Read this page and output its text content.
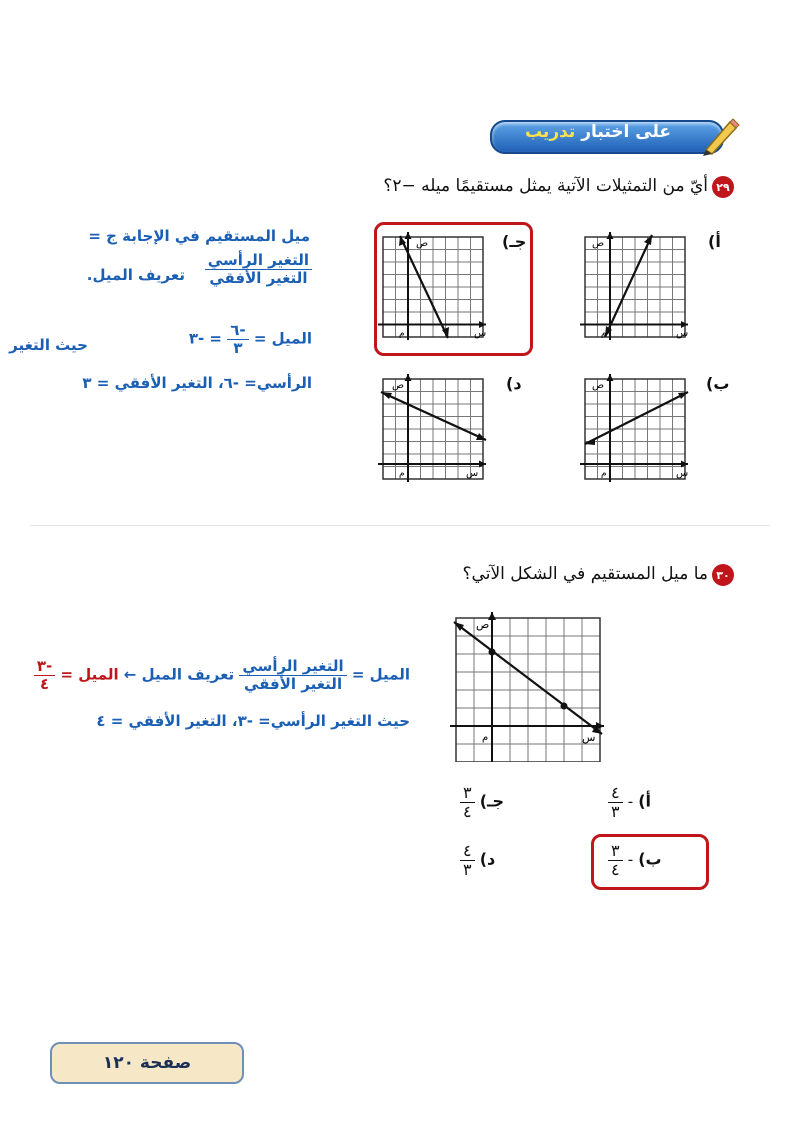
على اختبار تدريب
٢٩
أيّ من التمثيلات الآتية يمثل مستقيمًا ميله −٢؟
أ)
جـ)
ب)
د)
ص
س
م
ص
س
م
ص
س
م
ص
س
م
ميل المستقيم في الإجابة ج =
$\frac{\text{التغير الرأسي}}{\text{التغير الأفقي}}$
تعريف الميل.
الميل =
$\frac{-٦}{٣}$
= -٣
حيث التغير
الرأسي= -٦، التغير الأفقي = ٣
٣٠
ما ميل المستقيم في الشكل الآتي؟
ص
س
م
الميل =
$\frac{\text{التغير الرأسي}}{\text{التغير الأفقي}}$
تعريف الميل ← الميل =
$\frac{-٣}{٤}$
حيث التغير الرأسي= -٣، التغير الأفقي = ٤
أ) -
$\frac{٤}{٣}$
جـ)
$\frac{٣}{٤}$
ب) -
$\frac{٣}{٤}$
د)
$\frac{٤}{٣}$
صفحة ١٢٠
